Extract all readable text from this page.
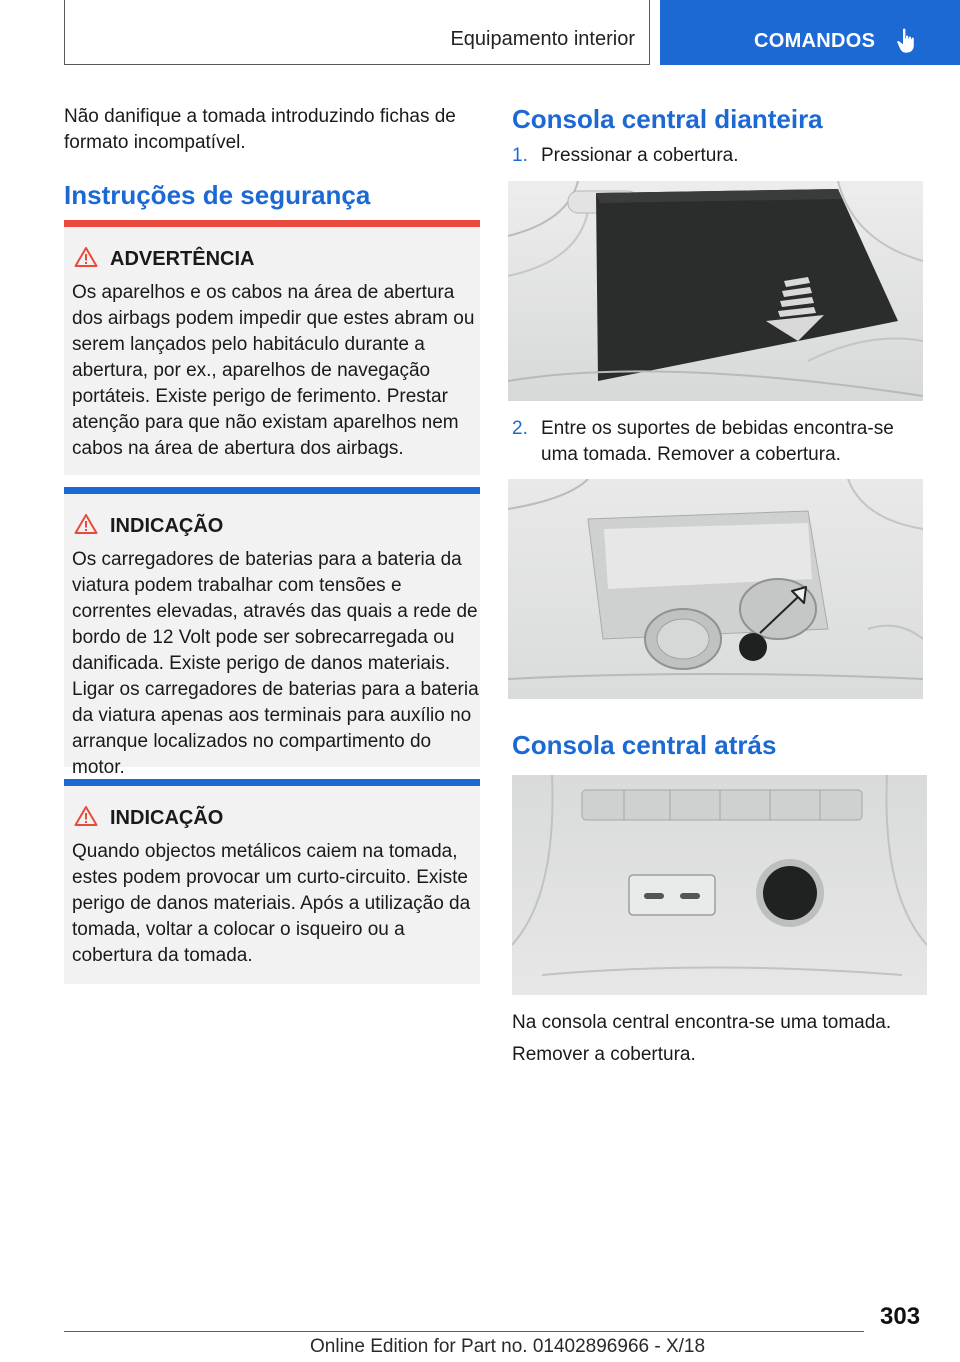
Equipamento interior	COMANDOS
Não danifique a tomada introduzindo fichas de formato incompatível.
Instruções de segurança
ADVERTÊNCIA
Os aparelhos e os cabos na área de abertura dos airbags podem impedir que estes abram ou serem lançados pelo habitáculo durante a abertura, por ex., aparelhos de navegação portáteis. Existe perigo de ferimento. Prestar atenção para que não existam aparelhos nem cabos na área de abertura dos airbags.
INDICAÇÃO
Os carregadores de baterias para a bateria da viatura podem trabalhar com tensões e correntes elevadas, através das quais a rede de bordo de 12 Volt pode ser sobrecarregada ou danificada. Existe perigo de danos materiais. Ligar os carregadores de baterias para a bateria da viatura apenas aos terminais para auxílio no arranque localizados no compartimento do motor.
INDICAÇÃO
Quando objectos metálicos caiem na tomada, estes podem provocar um curto-circuito. Existe perigo de danos materiais. Após a utilização da tomada, voltar a colocar o isqueiro ou a cobertura da tomada.
Consola central dianteira
1. Pressionar a cobertura.
2. Entre os suportes de bebidas encontra-se uma tomada. Remover a cobertura.
Consola central atrás
Na consola central encontra-se uma tomada.
Remover a cobertura.
303
Online Edition for Part no. 01402896966 - X/18
